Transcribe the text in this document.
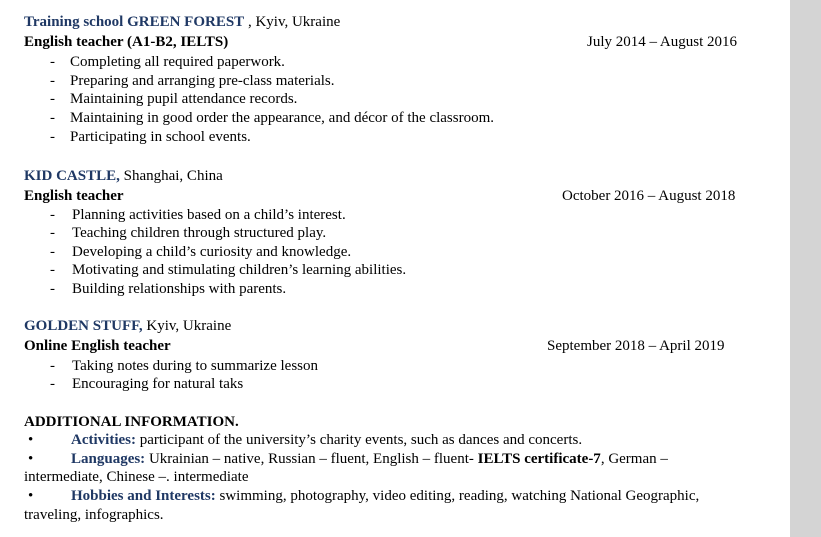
Training school GREEN FOREST , Kyiv, Ukraine
English teacher (A1-B2, IELTS)	July 2014 – August 2016
- Completing all required paperwork.
- Preparing and arranging pre-class materials.
- Maintaining pupil attendance records.
- Maintaining in good order the appearance, and décor of the classroom.
- Participating in school events.
KID CASTLE, Shanghai, China
English teacher	October 2016 – August 2018
- Planning activities based on a child’s interest.
- Teaching children through structured play.
- Developing a child’s curiosity and knowledge.
- Motivating and stimulating children’s learning abilities.
- Building relationships with parents.
GOLDEN STUFF, Kyiv, Ukraine
Online English teacher	September 2018 – April 2019
- Taking notes during to summarize lesson
- Encouraging for natural taks
ADDITIONAL INFORMATION.
•	Activities: participant of the university’s charity events, such as dances and concerts.
•	Languages: Ukrainian – native, Russian – fluent, English – fluent- IELTS certificate-7, German –
intermediate, Chinese –. intermediate
•	Hobbies and Interests: swimming, photography, video editing, reading, watching National Geographic,
traveling, infographics.
